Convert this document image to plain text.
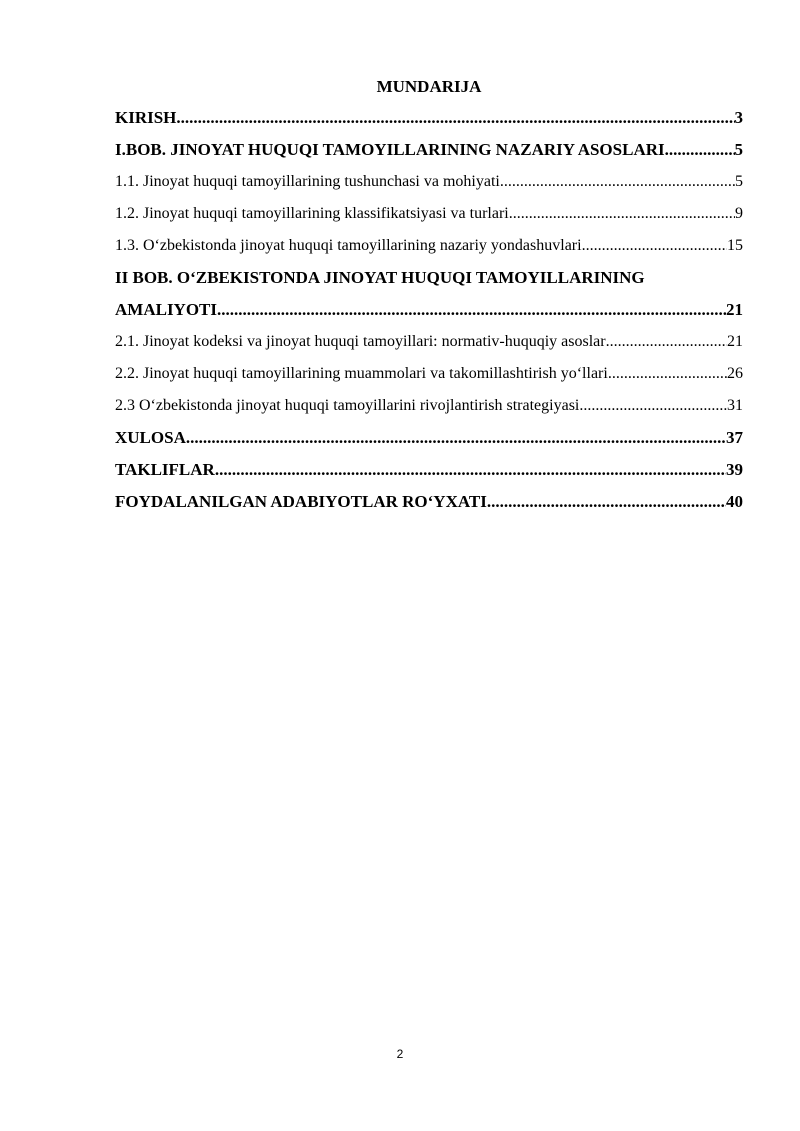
MUNDARIJA
KIRISH .....	3
I.BOB. JINOYAT HUQUQI TAMOYILLARINING NAZARIY ASOSLARI .....	5
1.1. Jinoyat huquqi tamoyillarining tushunchasi va mohiyati .....	5
1.2. Jinoyat huquqi tamoyillarining klassifikatsiyasi va turlari .....	9
1.3. O‘zbekistonda jinoyat huquqi tamoyillarining nazariy yondashuvlari .....	15
II BOB. O‘ZBEKISTONDA JINOYAT HUQUQI TAMOYILLARINING
AMALIYOTI .....	21
2.1. Jinoyat kodeksi va jinoyat huquqi tamoyillari: normativ-huquqiy asoslar .....	21
2.2. Jinoyat huquqi tamoyillarining muammolari va takomillashtirish yo‘llari .....	26
2.3 O‘zbekistonda jinoyat huquqi tamoyillarini rivojlantirish strategiyasi .....	31
XULOSA .....	37
TAKLIFLAR .....	39
FOYDALANILGAN ADABIYOTLAR RO‘YXATI .....	40
2
